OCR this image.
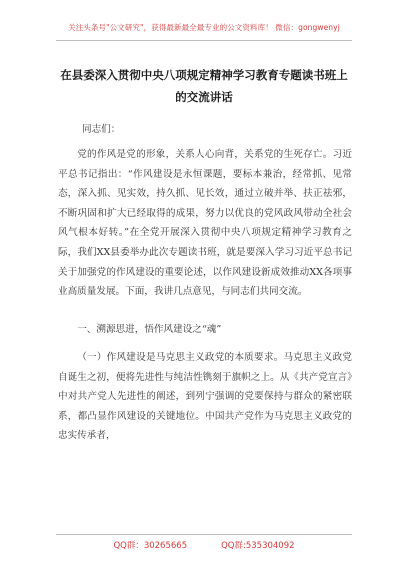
关注头条号"公文研究"，获得最新最全最专业的公文资料库！ 微信：gongwenyj
在县委深入贯彻中央八项规定精神学习教育专题读书班上
的交流讲话
同志们：
党的作风是党的形象，关系人心向背，关系党的生死存亡。习近平总书记指出：“作风建设是永恒课题，要标本兼治，经常抓、见常态，深入抓、见实效，持久抓、见长效，通过立破并举、扶正祛邪，不断巩固和扩大已经取得的成果，努力以优良的党风政风带动全社会风气根本好转。”在全党开展深入贯彻中央八项规定精神学习教育之际，我们XX县委举办此次专题读书班，就是要深入学习习近平总书记关于加强党的作风建设的重要论述，以作风建设新成效推动XX各项事业高质量发展。下面，我讲几点意见，与同志们共同交流。
一、溯源思进，悟作风建设之“魂”
（一）作风建设是马克思主义政党的本质要求。马克思主义政党自诞生之初，便将先进性与纯洁性镌刻于旗帜之上。从《共产党宣言》中对共产党人先进性的阐述，到列宁强调的党要保持与群众的紧密联系，都凸显作风建设的关键地位。中国共产党作为马克思主义政党的忠实传承者，
QQ群：30265665	QQ群:535304092
